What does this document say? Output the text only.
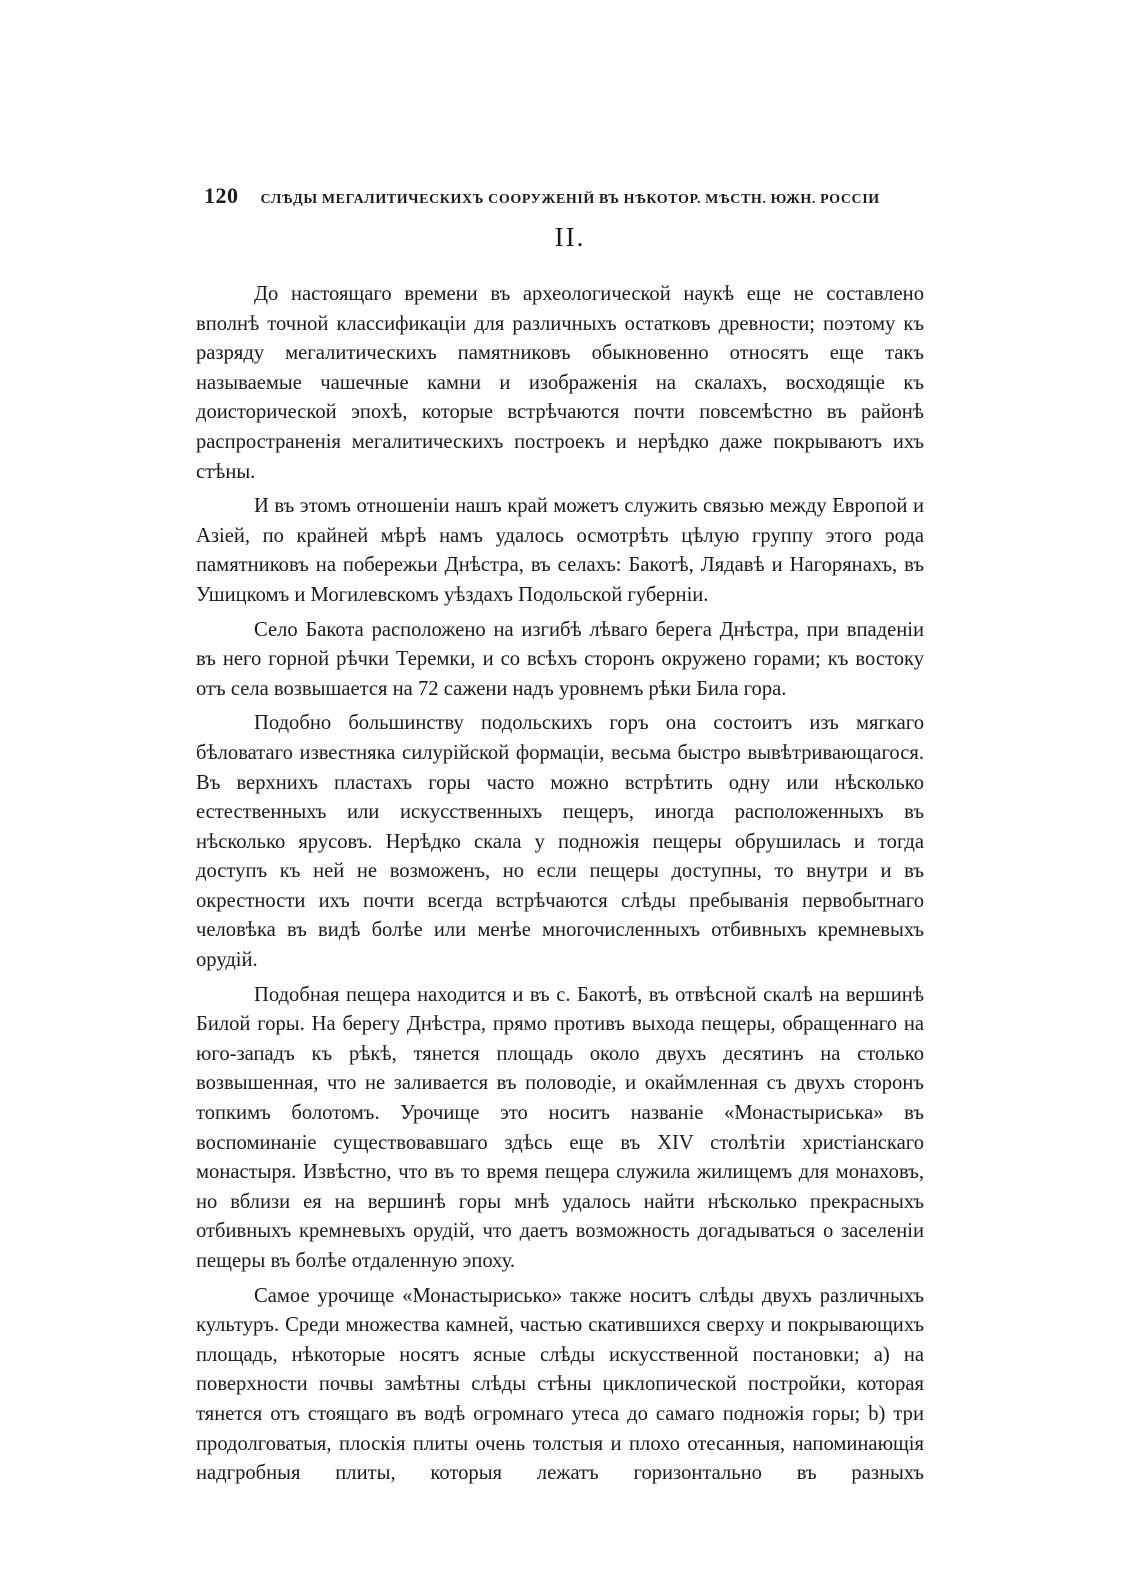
120 СЛѢДЫ МЕГАЛИТИЧЕСКИХЪ СООРУЖЕНІЙ ВЪ НѢКОТОР. МѢСТН. ЮЖН. РОССІИ
II.

До настоящаго времени въ археологической наукѣ еще не составлено вполнѣ точной классификаціи для различныхъ остатковъ древности; поэтому къ разряду мегалитическихъ памятниковъ обыкновенно относятъ еще такъ называемые чашечные камни и изображенія на скалахъ, восходящіе къ доисторической эпохѣ, которые встрѣчаются почти повсемѣстно въ районѣ распространенія мегалитическихъ построекъ и нерѣдко даже покрываютъ ихъ стѣны.

И въ этомъ отношеніи нашъ край можетъ служить связью между Европой и Азіей, по крайней мѣрѣ намъ удалось осмотрѣть цѣлую группу этого рода памятниковъ на побережьи Днѣстра, въ селахъ: Бакотѣ, Лядавѣ и Нагорянахъ, въ Ушицкомъ и Могилевскомъ уѣздахъ Подольской губерніи.

Село Бакота расположено на изгибѣ лѣваго берега Днѣстра, при впаденіи въ него горной рѣчки Теремки, и со всѣхъ сторонъ окружено горами; къ востоку отъ села возвышается на 72 сажени надъ уровнемъ рѣки Била гора.

Подобно большинству подольскихъ горъ она состоитъ изъ мягкаго бѣловатаго известняка силурійской формаціи, весьма быстро вывѣтривающагося. Въ верхнихъ пластахъ горы часто можно встрѣтить одну или нѣсколько естественныхъ или искусственныхъ пещеръ, иногда расположенныхъ въ нѣсколько ярусовъ. Нерѣдко скала у подножія пещеры обрушилась и тогда доступъ къ ней не возможенъ, но если пещеры доступны, то внутри и въ окрестности ихъ почти всегда встрѣчаются слѣды пребыванія первобытнаго человѣка въ видѣ болѣе или менѣе многочисленныхъ отбивныхъ кремневыхъ орудій.

Подобная пещера находится и въ с. Бакотѣ, въ отвѣсной скалѣ на вершинѣ Билой горы. На берегу Днѣстра, прямо противъ выхода пещеры, обращеннаго на юго-западъ къ рѣкѣ, тянется площадь около двухъ десятинъ на столько возвышенная, что не заливается въ половодіе, и окаймленная съ двухъ сторонъ топкимъ болотомъ. Урочище это носитъ названіе «Монастыриська» въ воспоминаніе существовавшаго здѣсь еще въ XIV столѣтіи христіанскаго монастыря. Извѣстно, что въ то время пещера служила жилищемъ для монаховъ, но вблизи ея на вершинѣ горы мнѣ удалось найти нѣсколько прекрасныхъ отбивныхъ кремневыхъ орудій, что даетъ возможность догадываться о заселеніи пещеры въ болѣе отдаленную эпоху.

Самое урочище «Монастырисько» также носитъ слѣды двухъ различныхъ культуръ. Среди множества камней, частью скатившихся сверху и покрывающихъ площадь, нѣкоторые носятъ ясные слѣды искусственной постановки; a) на поверхности почвы замѣтны слѣды стѣны циклопической постройки, которая тянется отъ стоящаго въ водѣ огромнаго утеса до самаго подножія горы; b) три продолговатыя, плоскія плиты очень толстыя и плохо отесанныя, напоминающія надгробныя плиты, которыя лежатъ горизонтально въ разныхъ
